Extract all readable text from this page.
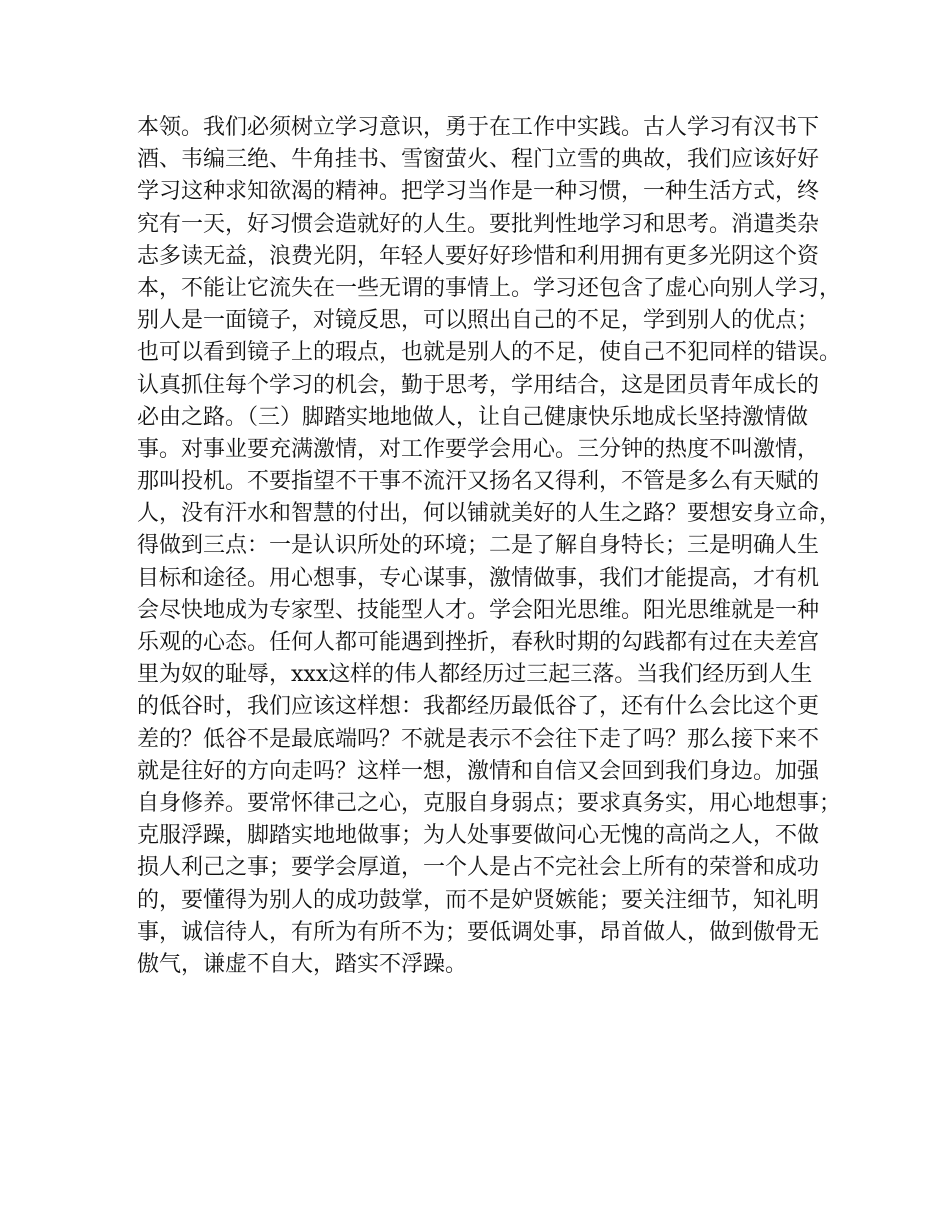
本领。我们必须树立学习意识，勇于在工作中实践。古人学习有汉书下
酒、韦编三绝、牛角挂书、雪窗萤火、程门立雪的典故，我们应该好好
学习这种求知欲渴的精神。把学习当作是一种习惯，一种生活方式，终
究有一天，好习惯会造就好的人生。要批判性地学习和思考。消遣类杂
志多读无益，浪费光阴，年轻人要好好珍惜和利用拥有更多光阴这个资
本，不能让它流失在一些无谓的事情上。学习还包含了虚心向别人学习，
别人是一面镜子，对镜反思，可以照出自己的不足，学到别人的优点；
也可以看到镜子上的瑕点，也就是别人的不足，使自己不犯同样的错误。
认真抓住每个学习的机会，勤于思考，学用结合，这是团员青年成长的
必由之路。（三）脚踏实地地做人，让自己健康快乐地成长坚持激情做
事。对事业要充满激情，对工作要学会用心。三分钟的热度不叫激情，
那叫投机。不要指望不干事不流汗又扬名又得利，不管是多么有天赋的
人，没有汗水和智慧的付出，何以铺就美好的人生之路？要想安身立命，
得做到三点：一是认识所处的环境；二是了解自身特长；三是明确人生
目标和途径。用心想事，专心谋事，激情做事，我们才能提高，才有机
会尽快地成为专家型、技能型人才。学会阳光思维。阳光思维就是一种
乐观的心态。任何人都可能遇到挫折，春秋时期的勾践都有过在夫差宫
里为奴的耻辱，xxx这样的伟人都经历过三起三落。当我们经历到人生
的低谷时，我们应该这样想：我都经历最低谷了，还有什么会比这个更
差的？低谷不是最底端吗？不就是表示不会往下走了吗？那么接下来不
就是往好的方向走吗？这样一想，激情和自信又会回到我们身边。加强
自身修养。要常怀律己之心，克服自身弱点；要求真务实，用心地想事；
克服浮躁，脚踏实地地做事；为人处事要做问心无愧的高尚之人，不做
损人利己之事；要学会厚道，一个人是占不完社会上所有的荣誉和成功
的，要懂得为别人的成功鼓掌，而不是妒贤嫉能；要关注细节，知礼明
事，诚信待人，有所为有所不为；要低调处事，昂首做人，做到傲骨无
傲气，谦虚不自大，踏实不浮躁。
